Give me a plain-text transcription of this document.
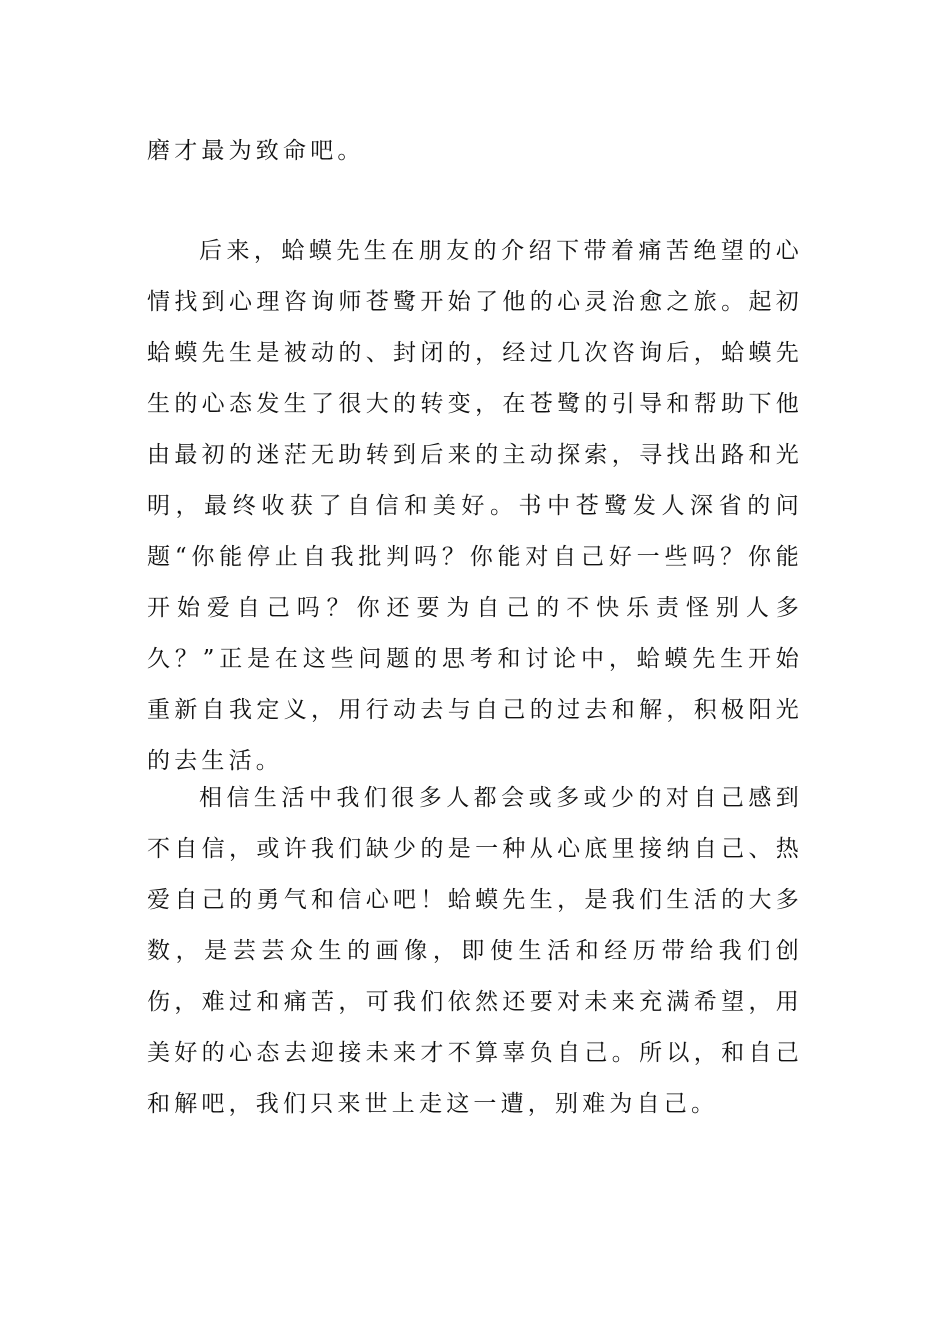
磨才最为致命吧。

后来，蛤蟆先生在朋友的介绍下带着痛苦绝望的心情找到心理咨询师苍鹭开始了他的心灵治愈之旅。起初蛤蟆先生是被动的、封闭的，经过几次咨询后，蛤蟆先生的心态发生了很大的转变，在苍鹭的引导和帮助下他由最初的迷茫无助转到后来的主动探索，寻找出路和光明，最终收获了自信和美好。书中苍鹭发人深省的问题“你能停止自我批判吗？你能对自己好一些吗？你能开始爱自己吗？你还要为自己的不快乐责怪别人多久？”正是在这些问题的思考和讨论中，蛤蟆先生开始重新自我定义，用行动去与自己的过去和解，积极阳光的去生活。

相信生活中我们很多人都会或多或少的对自己感到不自信，或许我们缺少的是一种从心底里接纳自己、热爱自己的勇气和信心吧！蛤蟆先生，是我们生活的大多数，是芸芸众生的画像，即使生活和经历带给我们创伤，难过和痛苦，可我们依然还要对未来充满希望，用美好的心态去迎接未来才不算辜负自己。所以，和自己和解吧，我们只来世上走这一遭，别难为自己。
